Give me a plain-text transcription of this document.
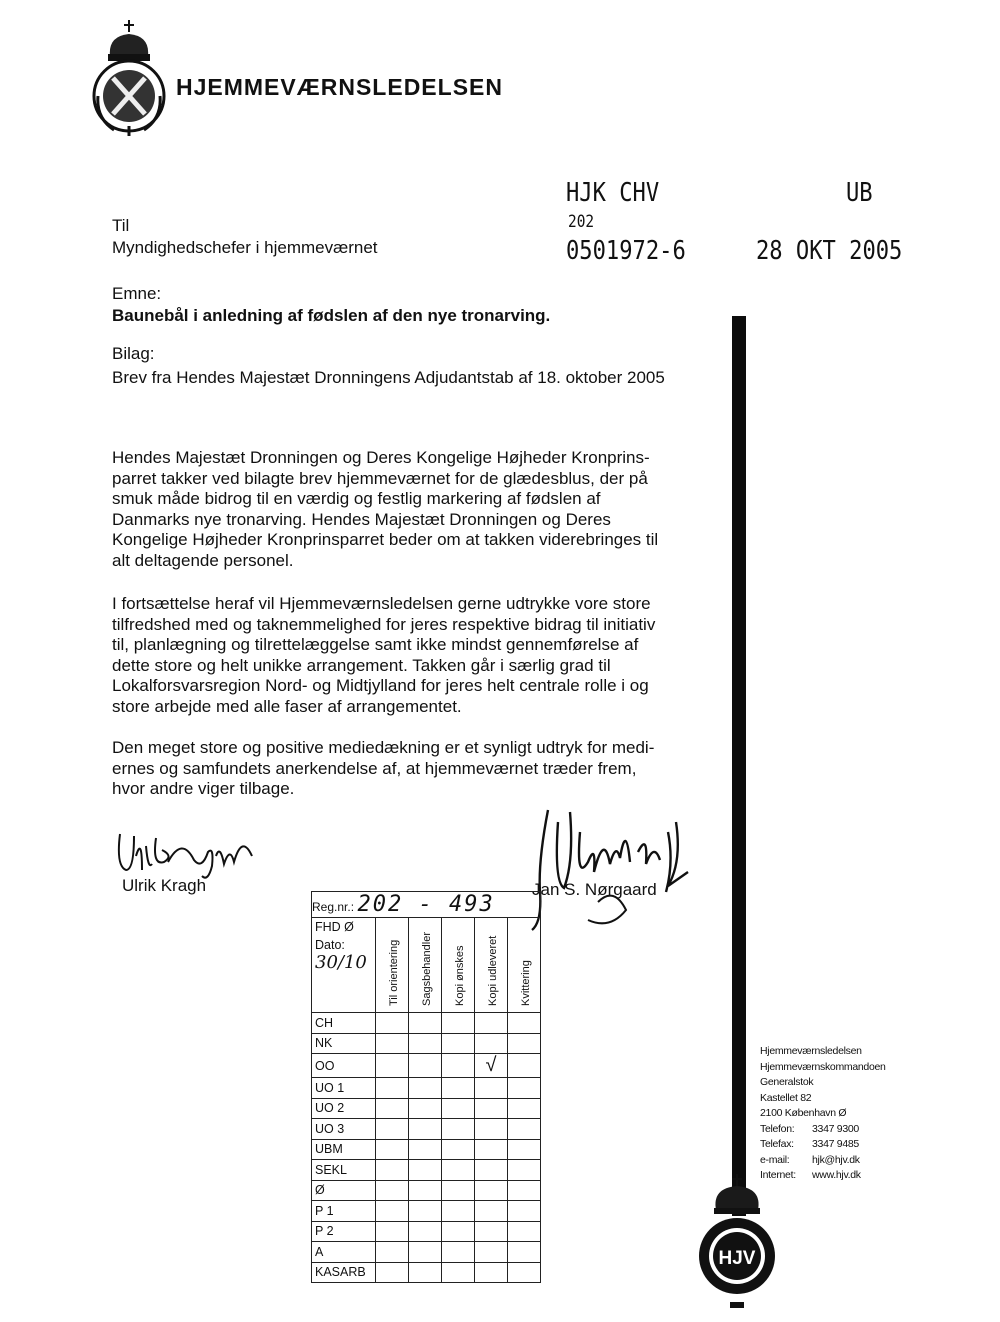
HJEMMEVÆRNSLEDELSEN
HJK CHV	UB
202
0501972-6	28 OKT 2005
Til
Myndighedschefer i hjemmeværnet
Emne:
Baunebål i anledning af fødslen af den nye tronarving.
Bilag:
Brev fra Hendes Majestæt Dronningens Adjudantstab af 18. oktober 2005
Hendes Majestæt Dronningen og Deres Kongelige Højheder Kronprins-parret takker ved bilagte brev hjemmeværnet for de glædesblus, der på smuk måde bidrog til en værdig og festlig markering af fødslen af Danmarks nye tronarving. Hendes Majestæt Dronningen og Deres Kongelige Højheder Kronprinsparret beder om at takken viderebringes til alt deltagende personel.
I fortsættelse heraf vil Hjemmeværnsledelsen gerne udtrykke vore store tilfredshed med og taknemmelighed for jeres respektive bidrag til initiativ til, planlægning og tilrettelæggelse samt ikke mindst gennemførelse af dette store og helt unikke arrangement. Takken går i særlig grad til Lokalforsvarsregion Nord- og Midtjylland for jeres helt centrale rolle i og store arbejde med alle faser af arrangementet.
Den meget store og positive mediedækning er et synligt udtryk for medi-ernes og samfundets anerkendelse af, at hjemmeværnet træder frem, hvor andre viger tilbage.
Ulrik Kragh	Jan S. Nørgaard
Reg.nr.: 202 - 493					

FHD Ø
Dato:
30/10	Til orientering	Sagsbehandler	Kopi ønskes	Kopi udleveret	Kvittering

CH					
NK					
OO				√	
UO 1					
UO 2					
UO 3					
UBM					
SEKL					
Ø					
P 1					
P 2					
A					
KASARB					
Hjemmeværnsledelsen
Hjemmeværnskommandoen
Generalstok
Kastellet 82
2100 København Ø
Telefon:	3347 9300
Telefax:	3347 9485
e-mail:	hjk@hjv.dk
Internet:	www.hjv.dk
HJV
